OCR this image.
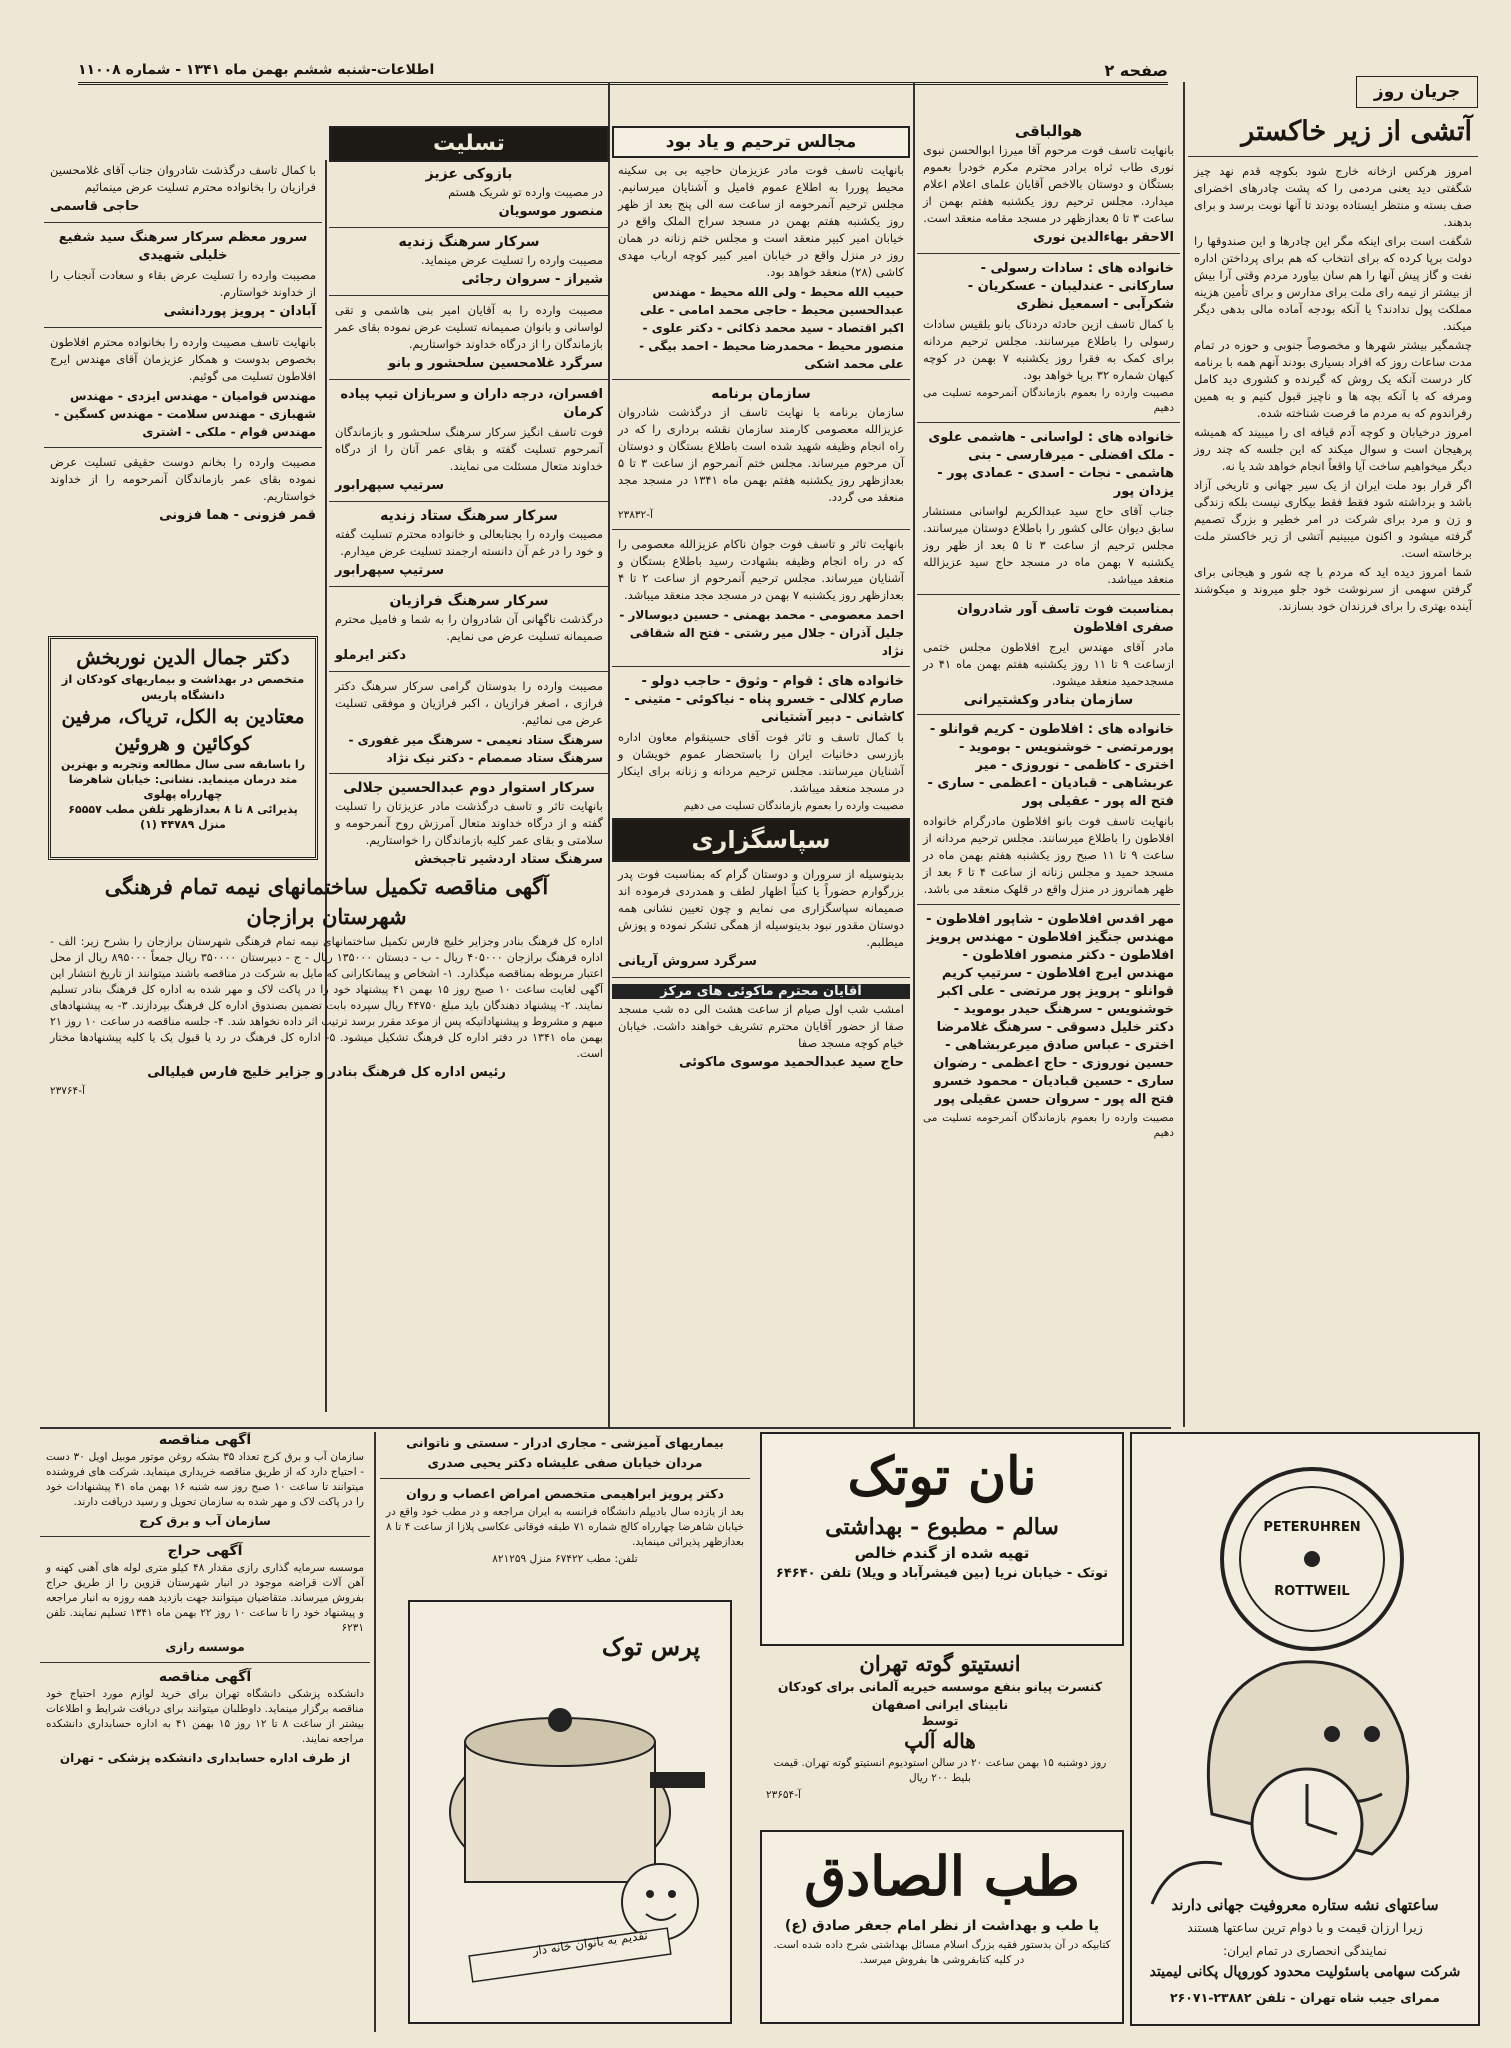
صفحه ۲
اطلاعات-شنبه ششم بهمن ماه ۱۳۴۱ - شماره ۱۱۰۰۸
جریان روز
آتشی از زیر خاکستر
امروز هرکس ازخانه خارج شود بکوچه قدم نهد چیز شگفتی دید یعنی مردمی را که پشت چادرهای اخضرای صف بسته و منتظر ایستاده بودند تا آنها نوبت برسد و برای بدهند.
شگفت است برای اینکه مگر این چادرها و این صندوقها را دولت برپا کرده که برای انتخاب که هم برای پرداختن اداره نفت و گاز پیش آنها را هم سان بیاورد مردم وقتی آرا بیش از بیشتر از نیمه رای ملت برای مدارس و برای تأمین هزینه مملکت پول ندادند؟ یا آنکه بودجه آماده مالی بدهی دیگر میکند.
چشمگیر بیشتر شهرها و مخصوصاً جنوبی و حوزه در تمام مدت ساعات روز که افراد بسیاری بودند آنهم همه با برنامه کار درست آنکه یک روش که گیرنده و کشوری دید کامل ومرفه که با آنکه بچه ها و ناچیز قبول کنیم و به همین رفراندوم که به مردم ما فرصت شناخته شده.
امروز درخیابان و کوچه آدم قیافه ای را میبیند که همیشه پرهیجان است و سوال میکند که این جلسه که چند روز دیگر میخواهیم ساخت آیا واقعاً انجام خواهد شد یا نه.
اگر قرار بود ملت ایران از یک سیر جهانی و تاریخی آزاد باشد و برداشته شود فقط فقط بیکاری نیست بلکه زندگی و زن و مرد برای شرکت در امر خطیر و بزرگ تصمیم گرفته میشود و اکنون میبینیم آتشی از زیر خاکستر ملت برخاسته است.
شما امروز دیده اید که مردم با چه شور و هیجانی برای گرفتن سهمی از سرنوشت خود جلو میروند و میکوشند آینده بهتری را برای فرزندان خود بسازند.
هوالباقی
بانهایت تاسف فوت مرحوم آقا میرزا ابوالحسن نبوی نوری طاب ثراه برادر محترم مکرم خودرا بعموم بستگان و دوستان بالاخص آقایان علمای اعلام اعلام میدارد. مجلس ترحیم روز یکشنبه هفتم بهمن از ساعت ۳ تا ۵ بعدازظهر در مسجد مقامه منعقد است.
الاحقر بهاءالدین نوری
خانواده های : سادات رسولی - سارکانی - عندلیبان - عسکریان - شکرآبی - اسمعیل نظری
با کمال تاسف ازین حادثه دردناک بانو بلقیس سادات رسولی را باطلاع میرسانند. مجلس ترحیم مردانه برای کمک به فقرا روز یکشنبه ۷ بهمن در کوچه کیهان شماره ۳۲ برپا خواهد بود.
مصیبت وارده را بعموم بازماندگان آنمرحومه تسلیت می دهیم
خانواده های : لواسانی - هاشمی علوی - ملک افضلی - میرفارسی - بنی هاشمی - نجات - اسدی - عمادی پور - یزدان پور
جناب آقای حاج سید عبدالکریم لواسانی مستشار سابق دیوان عالی کشور را باطلاع دوستان میرسانند. مجلس ترحیم از ساعت ۳ تا ۵ بعد از ظهر روز یکشنبه ۷ بهمن ماه در مسجد حاج سید عزیزالله منعقد میباشد.
بمناسبت فوت تاسف آور شادروان صفری افلاطون
مادر آقای مهندس ایرج افلاطون مجلس ختمی ازساعت ۹ تا ۱۱ روز یکشنبه هفتم بهمن ماه ۴۱ در مسجدحمید منعقد میشود.
سازمان بنادر وکشتیرانی
خانواده های : افلاطون - کریم قوانلو - پورمرتضی - خوشنویس - بوموید - اختری - کاظمی - نوروزی - میر عربشاهی - قبادیان - اعظمی - ساری - فتح اله پور - عقیلی پور
بانهایت تاسف فوت بانو افلاطون مادرگرام خانواده افلاطون را باطلاع میرسانند. مجلس ترحیم مردانه از ساعت ۹ تا ۱۱ صبح روز یکشنبه هفتم بهمن ماه در مسجد حمید و مجلس زنانه از ساعت ۴ تا ۶ بعد از ظهر همانروز در منزل واقع در قلهک منعقد می باشد.
مهر اقدس افلاطون - شاپور افلاطون - مهندس جنگیز افلاطون - مهندس پرویز افلاطون - دکتر منصور افلاطون - مهندس ایرج افلاطون - سرتیپ کریم قوانلو - پرویز پور مرتضی - علی اکبر خوشنویس - سرهنگ حیدر بوموید - دکتر خلیل دسوقی - سرهنگ غلامرضا اختری - عباس صادق میرعربشاهی - حسین نوروزی - حاج اعظمی - رضوان ساری - حسین قبادیان - محمود خسرو فتح اله پور - سروان حسن عقیلی پور
مصیبت وارده را بعموم بازماندگان آنمرحومه تسلیت می دهیم
مجالس ترحیم و یاد بود
بانهایت تاسف فوت مادر عزیزمان حاجیه بی بی سکینه محیط پوررا به اطلاع عموم فامیل و آشنایان میرسانیم. مجلس ترحیم آنمرحومه از ساعت سه الی پنج بعد از ظهر روز یکشنبه هفتم بهمن در مسجد سراج الملک واقع در خیابان امیر کبیر منعقد است و مجلس ختم زنانه در همان روز در منزل واقع در خیابان امیر کبیر کوچه ارباب مهدی کاشی (۲۸) منعقد خواهد بود.
حبیب الله محیط - ولی الله محیط - مهندس عبدالحسین محیط - حاجی محمد امامی - علی اکبر اقتصاد - سید محمد ذکائی - دکتر علوی - منصور محیط - محمدرضا محیط - احمد بیگی - علی محمد اشکی
سازمان برنامه
سازمان برنامه با نهایت تاسف از درگذشت شادروان عزیزالله معصومی کارمند سازمان نقشه برداری را که در راه انجام وظیفه شهید شده است باطلاع بستگان و دوستان آن مرحوم میرساند. مجلس ختم آنمرحوم از ساعت ۳ تا ۵ بعدازظهر روز یکشنبه هفتم بهمن ماه ۱۳۴۱ در مسجد مجد منعقد می گردد.
آ-۲۳۸۳۲
بانهایت تاثر و تاسف فوت جوان ناکام عزیزالله معصومی را که در راه انجام وظیفه بشهادت رسید باطلاع بستگان و آشنایان میرساند. مجلس ترحیم آنمرحوم از ساعت ۲ تا ۴ بعدازظهر روز یکشنبه ۷ بهمن در مسجد مجد منعقد میباشد.
احمد معصومی - محمد بهمنی - حسین دیوسالار - جلیل آذران - جلال میر رشتی - فتح اله شقاقی نژاد
خانواده های : قوام - وثوق - حاجب دولو - صارم کلالی - خسرو پناه - نیاکوئی - متینی - کاشانی - دبیر آشتیانی
با کمال تاسف و تاثر فوت آقای حسینقوام معاون اداره بازرسی دخانیات ایران را باستحضار عموم خویشان و آشنایان میرسانند. مجلس ترحیم مردانه و زنانه برای اینکار در مسجد منعقد میباشد.
مصیبت وارده را بعموم بازماندگان تسلیت می دهیم
سپاسگزاری
بدینوسیله از سروران و دوستان گرام که بمناسبت فوت پدر بزرگوارم حضوراً یا کتباً اظهار لطف و همدردی فرموده اند صمیمانه سپاسگزاری می نمایم و چون تعیین نشانی همه دوستان مقدور نبود بدینوسیله از همگی تشکر نموده و پوزش میطلبم.
سرگرد سروش آریانی
آقایان محترم ماکوئی های مرکز
امشب شب اول صیام از ساعت هشت الی ده شب مسجد صفا از حضور آقایان محترم تشریف خواهند داشت. خیابان خیام کوچه مسجد صفا
حاج سید عبدالحمید موسوی ماکوئی
تسلیت
بازوکی عزیز
در مصیبت وارده تو شریک هستم
منصور موسویان
سرکار سرهنگ زندیه
مصیبت وارده را تسلیت عرض مینماید.
شیراز - سروان رجائی
مصیبت وارده را به آقایان امیر بنی هاشمی و تقی لواسانی و بانوان صمیمانه تسلیت عرض نموده بقای عمر بازماندگان را از درگاه خداوند خواستاریم.
سرگرد غلامحسین سلحشور و بانو
افسران، درجه داران و سربازان تیپ پیاده کرمان
فوت تاسف انگیز سرکار سرهنگ سلحشور و بازماندگان آنمرحوم تسلیت گفته و بقای عمر آنان را از درگاه خداوند متعال مسئلت می نمایند.
سرتیپ سپهرابور
سرکار سرهنگ ستاد زندیه
مصیبت وارده را بجنابعالی و خانواده محترم تسلیت گفته و خود را در غم آن دانسته ارجمند تسلیت عرض میدارم.
سرتیپ سپهرابور
سرکار سرهنگ فرازیان
درگذشت ناگهانی آن شادروان را به شما و فامیل محترم صمیمانه تسلیت عرض می نمایم.
دکتر ایرملو
مصیبت وارده را بدوستان گرامی سرکار سرهنگ دکتر فرازی ، اصغر فرازیان ، اکبر فرازیان و موفقی تسلیت عرض می نمائیم.
سرهنگ ستاد نعیمی - سرهنگ میر غفوری - سرهنگ ستاد صمصام - دکتر نیک نژاد
سرکار استوار دوم عبدالحسین جلالی
بانهایت تاثر و تاسف درگذشت مادر عزیزتان را تسلیت گفته و از درگاه خداوند متعال آمرزش روح آنمرحومه و سلامتی و بقای عمر کلیه بازماندگان را خواستاریم.
سرهنگ ستاد اردشیر تاجبخش
با کمال تاسف درگذشت شادروان جناب آقای غلامحسین فرازیان را بخانواده محترم تسلیت عرض مینمائیم
حاجی قاسمی
سرور معظم سرکار سرهنگ سید شفیع خلیلی شهیدی
مصیبت وارده را تسلیت عرض بقاء و سعادت آنجناب را از خداوند خواستارم.
آبادان - پرویز پوردانشی
بانهایت تاسف مصیبت وارده را بخانواده محترم افلاطون بخصوص بدوست و همکار عزیزمان آقای مهندس ایرج افلاطون تسلیت می گوئیم.
مهندس قوامیان - مهندس ایزدی - مهندس شهبازی - مهندس سلامت - مهندس کسگین - مهندس قوام - ملکی - اشتری
مصیبت وارده را بخانم دوست حقیقی تسلیت عرض نموده بقای عمر بازماندگان آنمرحومه را از خداوند خواستاریم.
قمر فزونی - هما فزونی
دکتر جمال الدین نوربخش
متخصص در بهداشت و بیماریهای کودکان از دانشگاه پاریس
معتادین به الکل، تریاک، مرفین
کوکائین و هروئین
را باسابقه سی سال مطالعه وتجربه و بهترین متد درمان مینماید. نشانی: خیابان شاهرضا چهارراه پهلوی
پذیرائی ۸ تا ۸ بعدازظهر تلفن مطب ۶۵۵۵۷ منزل ۴۴۷۸۹ (۱)
آگهی مناقصه تکمیل ساختمانهای نیمه تمام فرهنگی شهرستان برازجان
اداره کل فرهنگ بنادر وجزایر خلیج فارس تکمیل ساختمانهای نیمه تمام فرهنگی شهرستان برازجان را بشرح زیر: الف - اداره فرهنگ برازجان ۴۰۵۰۰۰ ریال - ب - دبستان ۱۳۵۰۰۰ ریال - ج - دبیرستان ۳۵۰۰۰۰ ریال جمعاً ۸۹۵۰۰۰ ریال از محل اعتبار مربوطه بمناقصه میگذارد. ۱- اشخاص و پیمانکارانی که مایل به شرکت در مناقصه باشند میتوانند از تاریخ انتشار این آگهی لغایت ساعت ۱۰ صبح روز ۱۵ بهمن ۴۱ پیشنهاد خود را در پاکت لاک و مهر شده به اداره کل فرهنگ بنادر تسلیم نمایند. ۲- پیشنهاد دهندگان باید مبلغ ۴۴۷۵۰ ریال سپرده بابت تضمین بصندوق اداره کل فرهنگ بپردازند. ۳- به پیشنهادهای مبهم و مشروط و پیشنهاداتیکه پس از موعد مقرر برسد ترتیب اثر داده نخواهد شد. ۴- جلسه مناقصه در ساعت ۱۰ روز ۲۱ بهمن ماه ۱۳۴۱ در دفتر اداره کل فرهنگ تشکیل میشود. ۵- اداره کل فرهنگ در رد یا قبول یک یا کلیه پیشنهادها مختار است.
رئیس اداره کل فرهنگ بنادر و جزایر خلیج فارس فیلیالی
آ-۲۳۷۶۴
آگهی مناقصه
سازمان آب و برق کرج تعداد ۳۵ بشکه روغن موتور موبیل اویل ۳۰ دست - احتیاج دارد که از طریق مناقصه خریداری مینماید. شرکت های فروشنده میتوانند تا ساعت ۱۰ صبح روز سه شنبه ۱۶ بهمن ماه ۴۱ پیشنهادات خود را در پاکت لاک و مهر شده به سازمان تحویل و رسید دریافت دارند.
سازمان آب و برق کرج
آگهی حراج
موسسه سرمایه گذاری رازی مقدار ۴۸ کیلو متری لوله های آهنی کهنه و آهن آلات قراضه موجود در انبار شهرستان قزوین را از طریق حراج بفروش میرساند. متقاضیان میتوانند جهت بازدید همه روزه به انبار مراجعه و پیشنهاد خود را تا ساعت ۱۰ روز ۲۲ بهمن ماه ۱۳۴۱ تسلیم نمایند. تلفن ۶۲۳۱
موسسه رازی
آگهی مناقصه
دانشکده پزشکی دانشگاه تهران برای خرید لوازم مورد احتیاج خود مناقصه برگزار مینماید. داوطلبان میتوانند برای دریافت شرایط و اطلاعات بیشتر از ساعت ۸ تا ۱۲ روز ۱۵ بهمن ۴۱ به اداره حسابداری دانشکده مراجعه نمایند.
از طرف اداره حسابداری دانشکده پزشکی - تهران
بیماریهای آمیزشی - مجاری ادرار - سستی و ناتوانی
مردان خیابان صفی علیشاه دکتر یحیی صدری
دکتر پرویز ابراهیمی متخصص امراض اعصاب و روان
بعد از یازده سال بادیپلم دانشگاه فرانسه به ایران مراجعه و در مطب خود واقع در خیابان شاهرضا چهارراه کالج شماره ۷۱ طبقه فوقانی عکاسی پلازا از ساعت ۴ تا ۸ بعدازظهر پذیرائی مینماید.
تلفن: مطب ۶۷۴۲۲ منزل ۸۲۱۲۵۹
پرس توک
تقدیم به بانوان خانه دار
نان توتک
سالم - مطبوع - بهداشتی
تهیه شده از گندم خالص
توتک - خیابان نریا (بین فیشرآباد و ویلا) تلفن ۶۴۶۴۰
انستیتو گوته تهران
کنسرت پیانو بنفع موسسه خیریه آلمانی برای کودکان نابینای ایرانی اصفهان
توسط
هاله آلپ
روز دوشنبه ۱۵ بهمن ساعت ۲۰ در سالن استودیوم انستیتو گوته تهران. قیمت بلیط ۲۰۰ ریال
آ-۲۳۶۵۴
طب الصادق
یا طب و بهداشت از نظر امام جعفر صادق (ع)
کتابیکه در آن بدستور فقیه بزرگ اسلام مسائل بهداشتی شرح داده شده است. در کلیه کتابفروشی ها بفروش میرسد.
PETERUHREN
ROTTWEIL
ساعتهای نشه ستاره معروفیت جهانی دارند
زیرا ارزان قیمت و با دوام ترین ساعتها هستند
نمایندگی انحصاری در تمام ایران:
شرکت سهامی باسئولیت محدود کوروپال پکانی لیمیتد
ممرای جیب شاه تهران - تلفن ۲۳۸۸۲-۲۶۰۷۱
